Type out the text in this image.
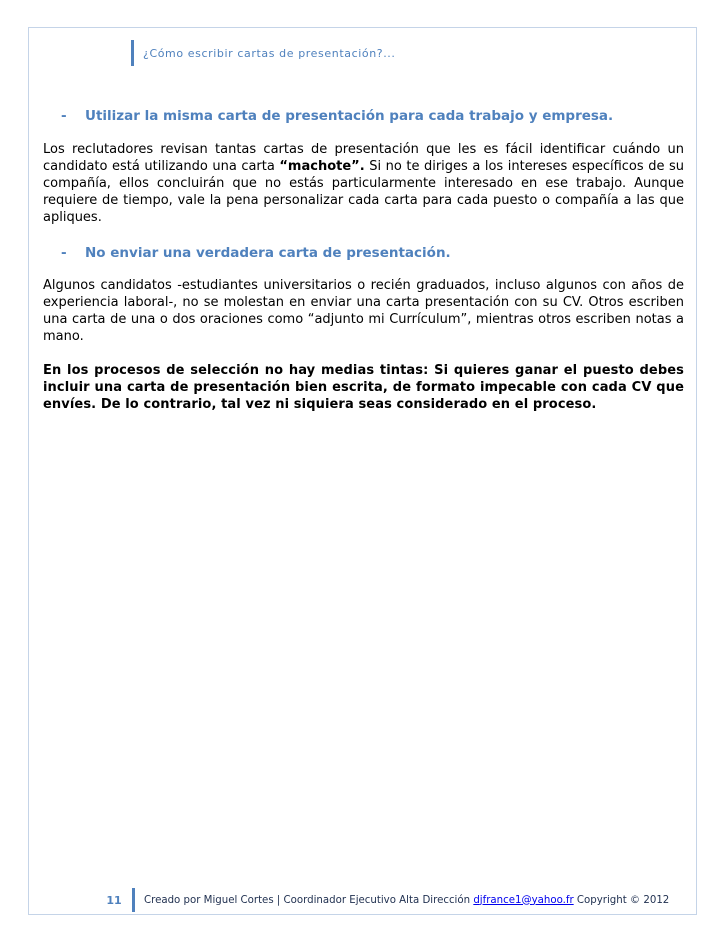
¿Cómo escribir cartas de presentación?...
-	Utilizar la misma carta de presentación para cada trabajo y empresa.

Los reclutadores revisan tantas cartas de presentación que les es fácil identificar cuándo un candidato está utilizando una carta “machote”. Si no te diriges a los intereses específicos de su compañía, ellos concluirán que no estás particularmente interesado en ese trabajo. Aunque requiere de tiempo, vale la pena personalizar cada carta para cada puesto o compañía a las que apliques.

-	No enviar una verdadera carta de presentación.

Algunos candidatos -estudiantes universitarios o recién graduados, incluso algunos con años de experiencia laboral-, no se molestan en enviar una carta presentación con su CV. Otros escriben una carta de una o dos oraciones como “adjunto mi Currículum”, mientras otros escriben notas a mano.

En los procesos de selección no hay medias tintas: Si quieres ganar el puesto debes incluir una carta de presentación bien escrita, de formato impecable con cada CV que envíes. De lo contrario, tal vez ni siquiera seas considerado en el proceso.

11	Creado por Miguel Cortes | Coordinador Ejecutivo Alta Dirección djfrance1@yahoo.fr Copyright © 2012
